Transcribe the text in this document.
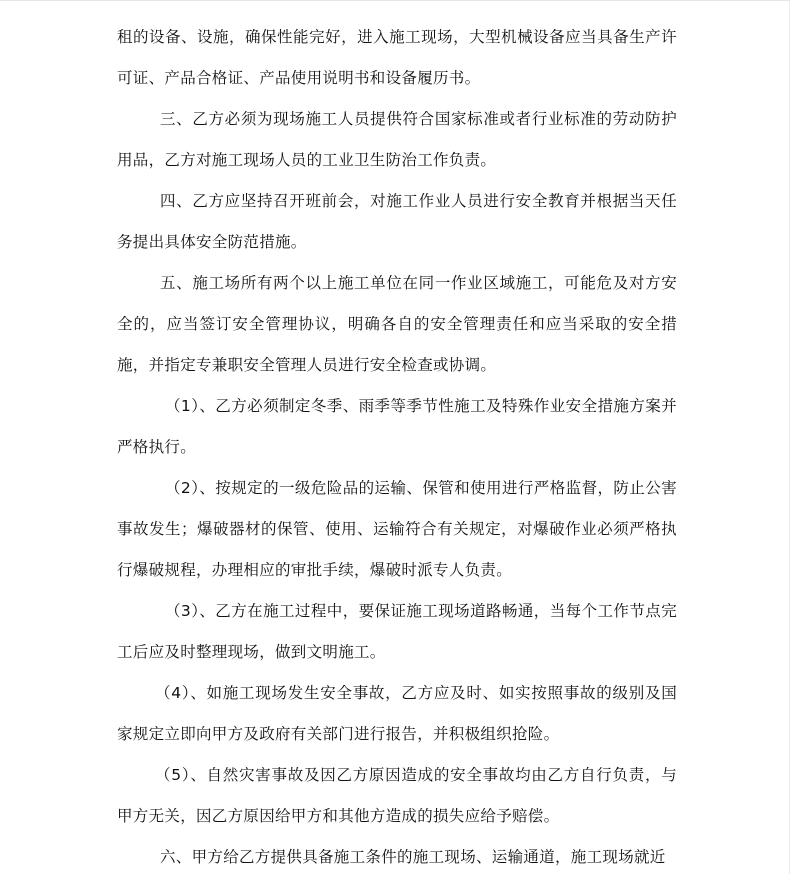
租的设备、设施，确保性能完好，进入施工现场，大型机械设备应当具备生产许可证、产品合格证、产品使用说明书和设备履历书。

三、乙方必须为现场施工人员提供符合国家标准或者行业标准的劳动防护用品，乙方对施工现场人员的工业卫生防治工作负责。

四、乙方应坚持召开班前会，对施工作业人员进行安全教育并根据当天任务提出具体安全防范措施。

五、施工场所有两个以上施工单位在同一作业区域施工，可能危及对方安全的，应当签订安全管理协议，明确各自的安全管理责任和应当采取的安全措施，并指定专兼职安全管理人员进行安全检查或协调。

（1）、乙方必须制定冬季、雨季等季节性施工及特殊作业安全措施方案并严格执行。

（2）、按规定的一级危险品的运输、保管和使用进行严格监督，防止公害事故发生；爆破器材的保管、使用、运输符合有关规定，对爆破作业必须严格执行爆破规程，办理相应的审批手续，爆破时派专人负责。

（3）、乙方在施工过程中，要保证施工现场道路畅通，当每个工作节点完工后应及时整理现场，做到文明施工。

（4）、如施工现场发生安全事故，乙方应及时、如实按照事故的级别及国家规定立即向甲方及政府有关部门进行报告，并积极组织抢险。

（5）、自然灾害事故及因乙方原因造成的安全事故均由乙方自行负责，与甲方无关，因乙方原因给甲方和其他方造成的损失应给予赔偿。

六、甲方给乙方提供具备施工条件的施工现场、运输通道，施工现场就近
